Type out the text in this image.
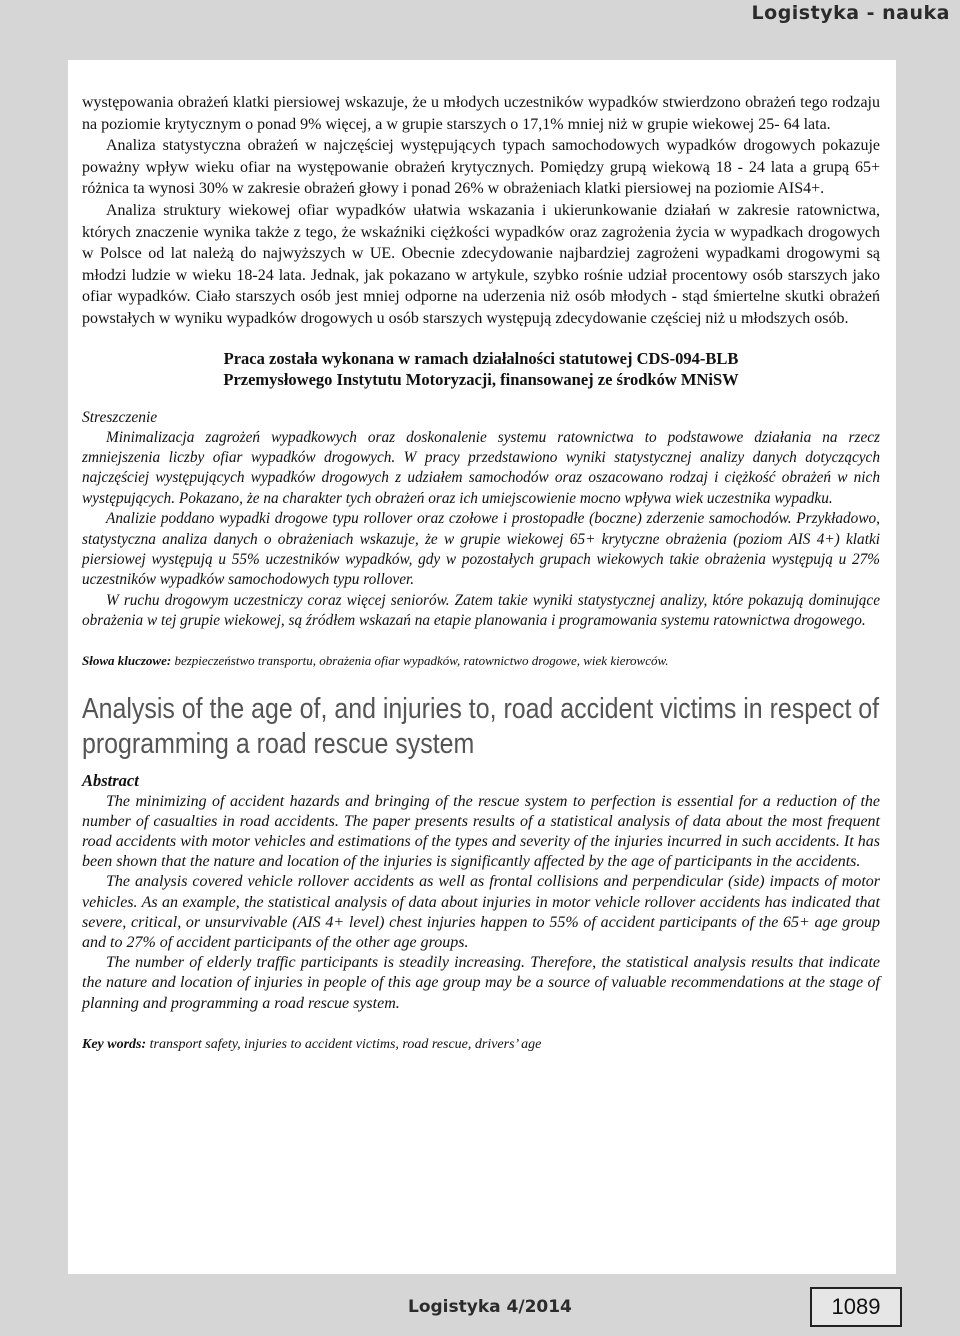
Logistyka - nauka

występowania obrażeń klatki piersiowej wskazuje, że u młodych uczestników wypadków stwierdzono obrażeń tego rodzaju na poziomie krytycznym o ponad 9% więcej, a w grupie starszych o 17,1% mniej niż w grupie wiekowej 25- 64 lata.

Analiza statystyczna obrażeń w najczęściej występujących typach samochodowych wypadków drogowych pokazuje poważny wpływ wieku ofiar na występowanie obrażeń krytycznych. Pomiędzy grupą wiekową 18 - 24 lata a grupą 65+ różnica ta wynosi 30% w zakresie obrażeń głowy i ponad 26% w obrażeniach klatki piersiowej na poziomie AIS4+.

Analiza struktury wiekowej ofiar wypadków ułatwia wskazania i ukierunkowanie działań w zakresie ratownictwa, których znaczenie wynika także z tego, że wskaźniki ciężkości wypadków oraz zagrożenia życia w wypadkach drogowych w Polsce od lat należą do najwyższych w UE. Obecnie zdecydowanie najbardziej zagrożeni wypadkami drogowymi są młodzi ludzie w wieku 18-24 lata. Jednak, jak pokazano w artykule, szybko rośnie udział procentowy osób starszych jako ofiar wypadków. Ciało starszych osób jest mniej odporne na uderzenia niż osób młodych - stąd śmiertelne skutki obrażeń powstałych w wyniku wypadków drogowych u osób starszych występują zdecydowanie częściej niż u młodszych osób.

Praca została wykonana w ramach działalności statutowej CDS-094-BLB
Przemysłowego Instytutu Motoryzacji, finansowanej ze środków MNiSW

Streszczenie

Minimalizacja zagrożeń wypadkowych oraz doskonalenie systemu ratownictwa to podstawowe działania na rzecz zmniejszenia liczby ofiar wypadków drogowych. W pracy przedstawiono wyniki statystycznej analizy danych dotyczących najczęściej występujących wypadków drogowych z udziałem samochodów oraz oszacowano rodzaj i ciężkość obrażeń w nich występujących. Pokazano, że na charakter tych obrażeń oraz ich umiejscowienie mocno wpływa wiek uczestnika wypadku.

Analizie poddano wypadki drogowe typu rollover oraz czołowe i prostopadłe (boczne) zderzenie samochodów. Przykładowo, statystyczna analiza danych o obrażeniach wskazuje, że w grupie wiekowej 65+ krytyczne obrażenia (poziom AIS 4+) klatki piersiowej występują u 55% uczestników wypadków, gdy w pozostałych grupach wiekowych takie obrażenia występują u 27% uczestników wypadków samochodowych typu rollover.

W ruchu drogowym uczestniczy coraz więcej seniorów. Zatem takie wyniki statystycznej analizy, które pokazują dominujące obrażenia w tej grupie wiekowej, są źródłem wskazań na etapie planowania i programowania systemu ratownictwa drogowego.

Słowa kluczowe: bezpieczeństwo transportu, obrażenia ofiar wypadków, ratownictwo drogowe, wiek kierowców.

Analysis of the age of, and injuries to, road accident victims in respect of programming a road rescue system

Abstract

The minimizing of accident hazards and bringing of the rescue system to perfection is essential for a reduction of the number of casualties in road accidents. The paper presents results of a statistical analysis of data about the most frequent road accidents with motor vehicles and estimations of the types and severity of the injuries incurred in such accidents. It has been shown that the nature and location of the injuries is significantly affected by the age of participants in the accidents.

The analysis covered vehicle rollover accidents as well as frontal collisions and perpendicular (side) impacts of motor vehicles. As an example, the statistical analysis of data about injuries in motor vehicle rollover accidents has indicated that severe, critical, or unsurvivable (AIS 4+ level) chest injuries happen to 55% of accident participants of the 65+ age group and to 27% of accident participants of the other age groups.

The number of elderly traffic participants is steadily increasing. Therefore, the statistical analysis results that indicate the nature and location of injuries in people of this age group may be a source of valuable recommendations at the stage of planning and programming a road rescue system.

Key words: transport safety, injuries to accident victims, road rescue, drivers’ age

Logistyka 4/2014	1089
